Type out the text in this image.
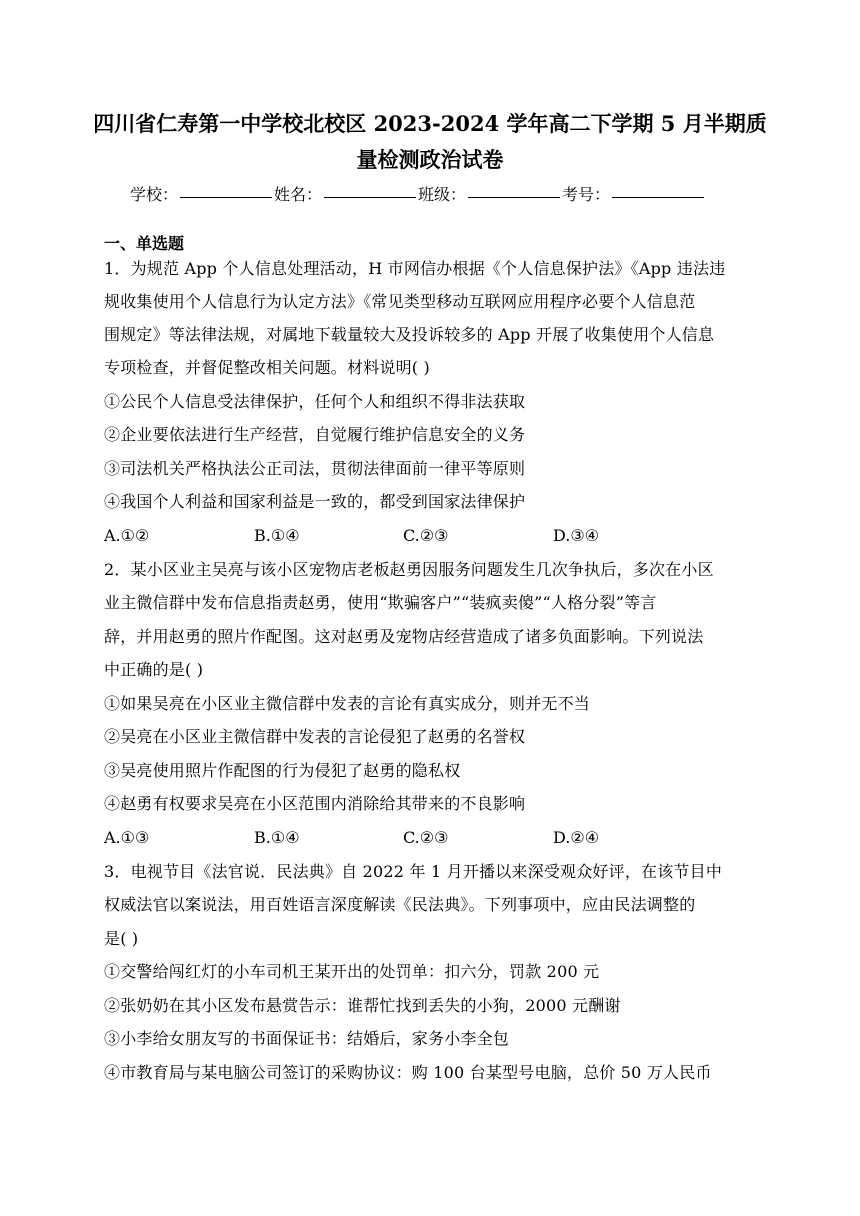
四川省仁寿第一中学校北校区 2023-2024 学年高二下学期 5 月半期质
量检测政治试卷
学校：	姓名：	班级：	考号：
一、单选题
1．为规范 App 个人信息处理活动，H 市网信办根据《个人信息保护法》《App 违法违
规收集使用个人信息行为认定方法》《常见类型移动互联网应用程序必要个人信息范
围规定》等法律法规，对属地下载量较大及投诉较多的 App 开展了收集使用个人信息
专项检查，并督促整改相关问题。材料说明( )
①公民个人信息受法律保护，任何个人和组织不得非法获取
②企业要依法进行生产经营，自觉履行维护信息安全的义务
③司法机关严格执法公正司法，贯彻法律面前一律平等原则
④我国个人利益和国家利益是一致的，都受到国家法律保护
A.①②	B.①④	C.②③	D.③④
2．某小区业主吴亮与该小区宠物店老板赵勇因服务问题发生几次争执后，多次在小区
业主微信群中发布信息指责赵勇，使用“欺骗客户”“装疯卖傻”“人格分裂”等言
辞，并用赵勇的照片作配图。这对赵勇及宠物店经营造成了诸多负面影响。下列说法
中正确的是( )
①如果吴亮在小区业主微信群中发表的言论有真实成分，则并无不当
②吴亮在小区业主微信群中发表的言论侵犯了赵勇的名誉权
③吴亮使用照片作配图的行为侵犯了赵勇的隐私权
④赵勇有权要求吴亮在小区范围内消除给其带来的不良影响
A.①③	B.①④	C.②③	D.②④
3．电视节目《法官说．民法典》自 2022 年 1 月开播以来深受观众好评，在该节目中
权威法官以案说法，用百姓语言深度解读《民法典》。下列事项中，应由民法调整的
是( )
①交警给闯红灯的小车司机王某开出的处罚单：扣六分，罚款 200 元
②张奶奶在其小区发布悬赏告示：谁帮忙找到丢失的小狗，2000 元酬谢
③小李给女朋友写的书面保证书：结婚后，家务小李全包
④市教育局与某电脑公司签订的采购协议：购 100 台某型号电脑，总价 50 万人民币
